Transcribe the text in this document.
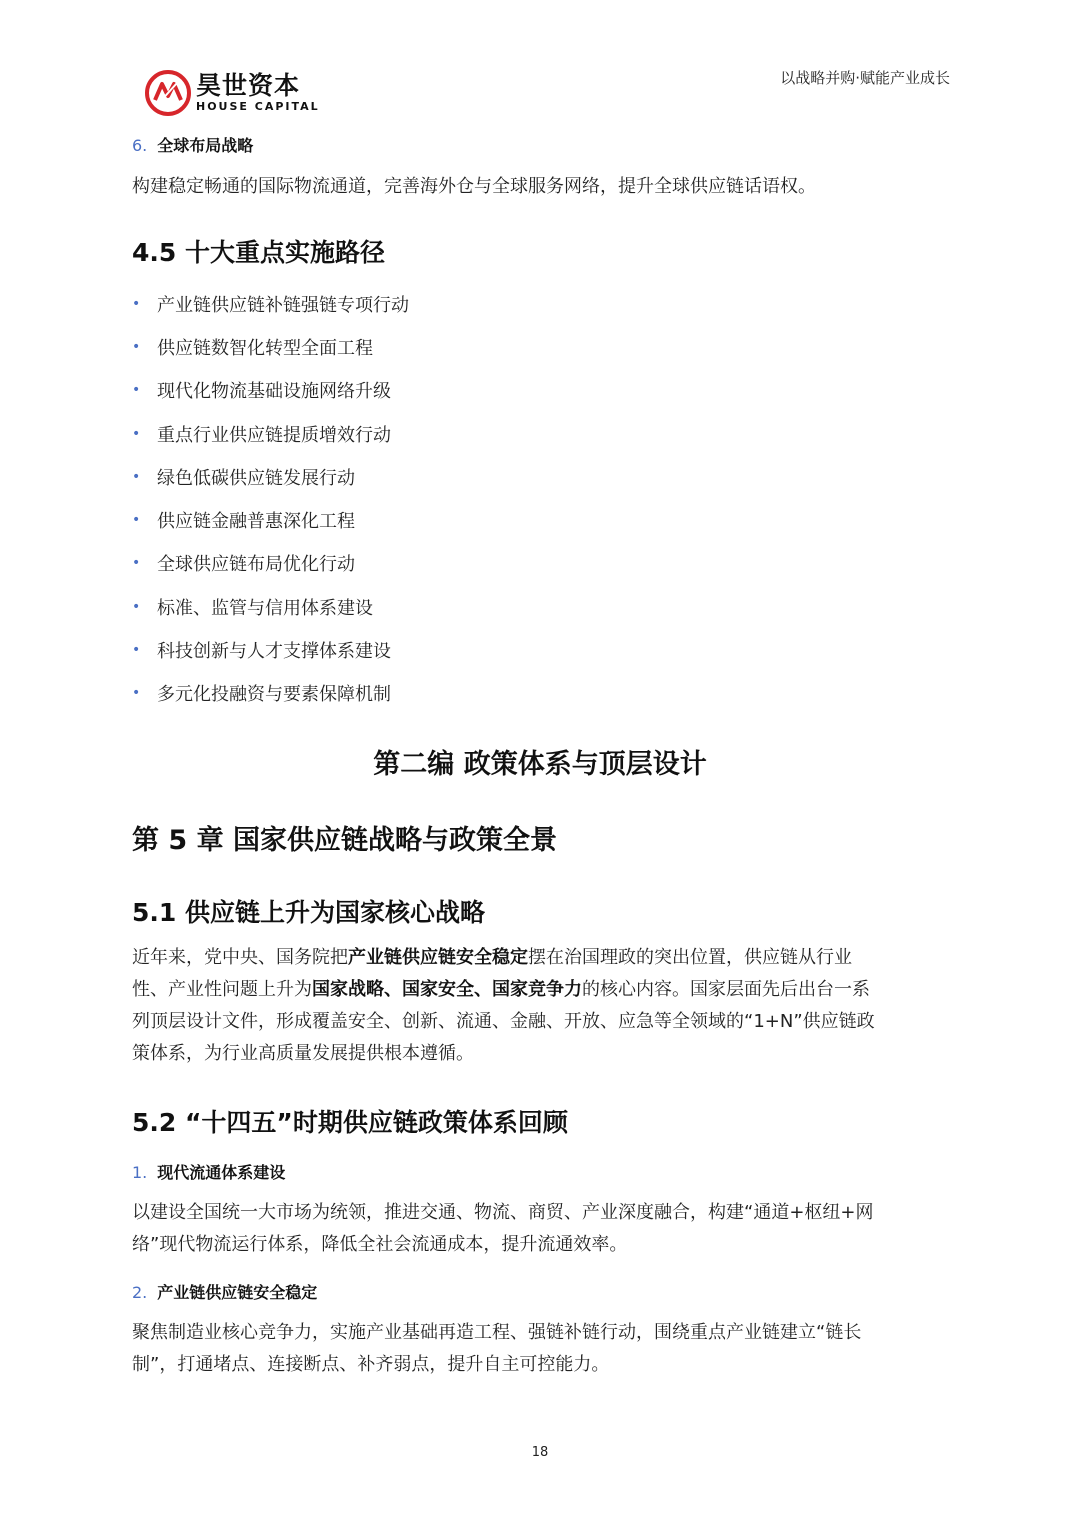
昊世资本
HOUSE CAPITAL
以战略并购·赋能产业成长
6. 全球布局战略
构建稳定畅通的国际物流通道，完善海外仓与全球服务网络，提升全球供应链话语权。
4.5 十大重点实施路径
• 产业链供应链补链强链专项行动
• 供应链数智化转型全面工程
• 现代化物流基础设施网络升级
• 重点行业供应链提质增效行动
• 绿色低碳供应链发展行动
• 供应链金融普惠深化工程
• 全球供应链布局优化行动
• 标准、监管与信用体系建设
• 科技创新与人才支撑体系建设
• 多元化投融资与要素保障机制
第二编 政策体系与顶层设计
第 5 章 国家供应链战略与政策全景
5.1 供应链上升为国家核心战略
近年来，党中央、国务院把产业链供应链安全稳定摆在治国理政的突出位置，供应链从行业
性、产业性问题上升为国家战略、国家安全、国家竞争力的核心内容。国家层面先后出台一系
列顶层设计文件，形成覆盖安全、创新、流通、金融、开放、应急等全领域的“1+N”供应链政
策体系，为行业高质量发展提供根本遵循。
5.2 “十四五”时期供应链政策体系回顾
1. 现代流通体系建设
以建设全国统一大市场为统领，推进交通、物流、商贸、产业深度融合，构建“通道+枢纽+网
络”现代物流运行体系，降低全社会流通成本，提升流通效率。
2. 产业链供应链安全稳定
聚焦制造业核心竞争力，实施产业基础再造工程、强链补链行动，围绕重点产业链建立“链长
制”，打通堵点、连接断点、补齐弱点，提升自主可控能力。
18
